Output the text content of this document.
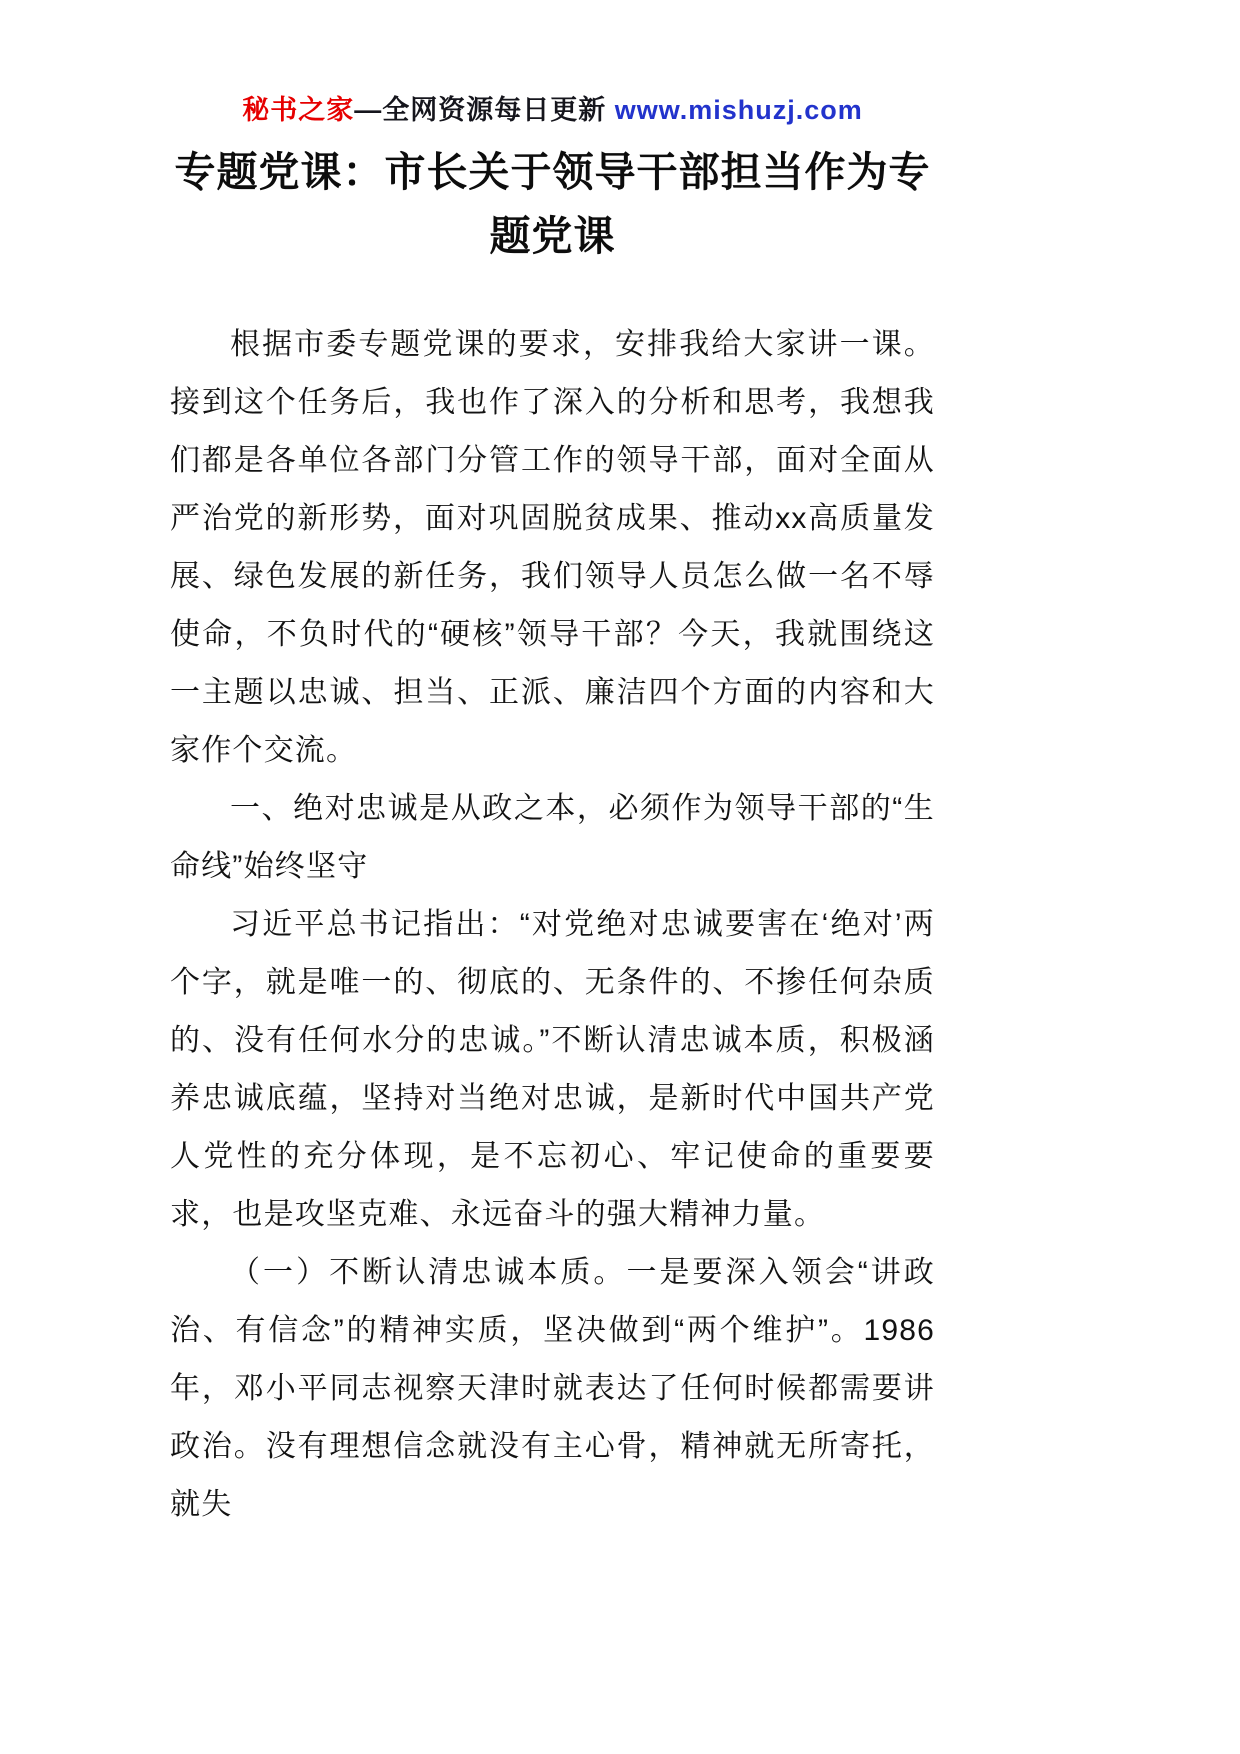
秘书之家—全网资源每日更新 www.mishuzj.com
专题党课：市长关于领导干部担当作为专题党课

根据市委专题党课的要求，安排我给大家讲一课。接到这个任务后，我也作了深入的分析和思考，我想我们都是各单位各部门分管工作的领导干部，面对全面从严治党的新形势，面对巩固脱贫成果、推动xx高质量发展、绿色发展的新任务，我们领导人员怎么做一名不辱使命，不负时代的“硬核”领导干部？今天，我就围绕这一主题以忠诚、担当、正派、廉洁四个方面的内容和大家作个交流。

一、绝对忠诚是从政之本，必须作为领导干部的“生命线”始终坚守

习近平总书记指出：“对党绝对忠诚要害在‘绝对’两个字，就是唯一的、彻底的、无条件的、不掺任何杂质的、没有任何水分的忠诚。”不断认清忠诚本质，积极涵养忠诚底蕴，坚持对当绝对忠诚，是新时代中国共产党人党性的充分体现，是不忘初心、牢记使命的重要要求，也是攻坚克难、永远奋斗的强大精神力量。

（一）不断认清忠诚本质。一是要深入领会“讲政治、有信念”的精神实质，坚决做到“两个维护”。1986年，邓小平同志视察天津时就表达了任何时候都需要讲政治。没有理想信念就没有主心骨，精神就无所寄托，就失
